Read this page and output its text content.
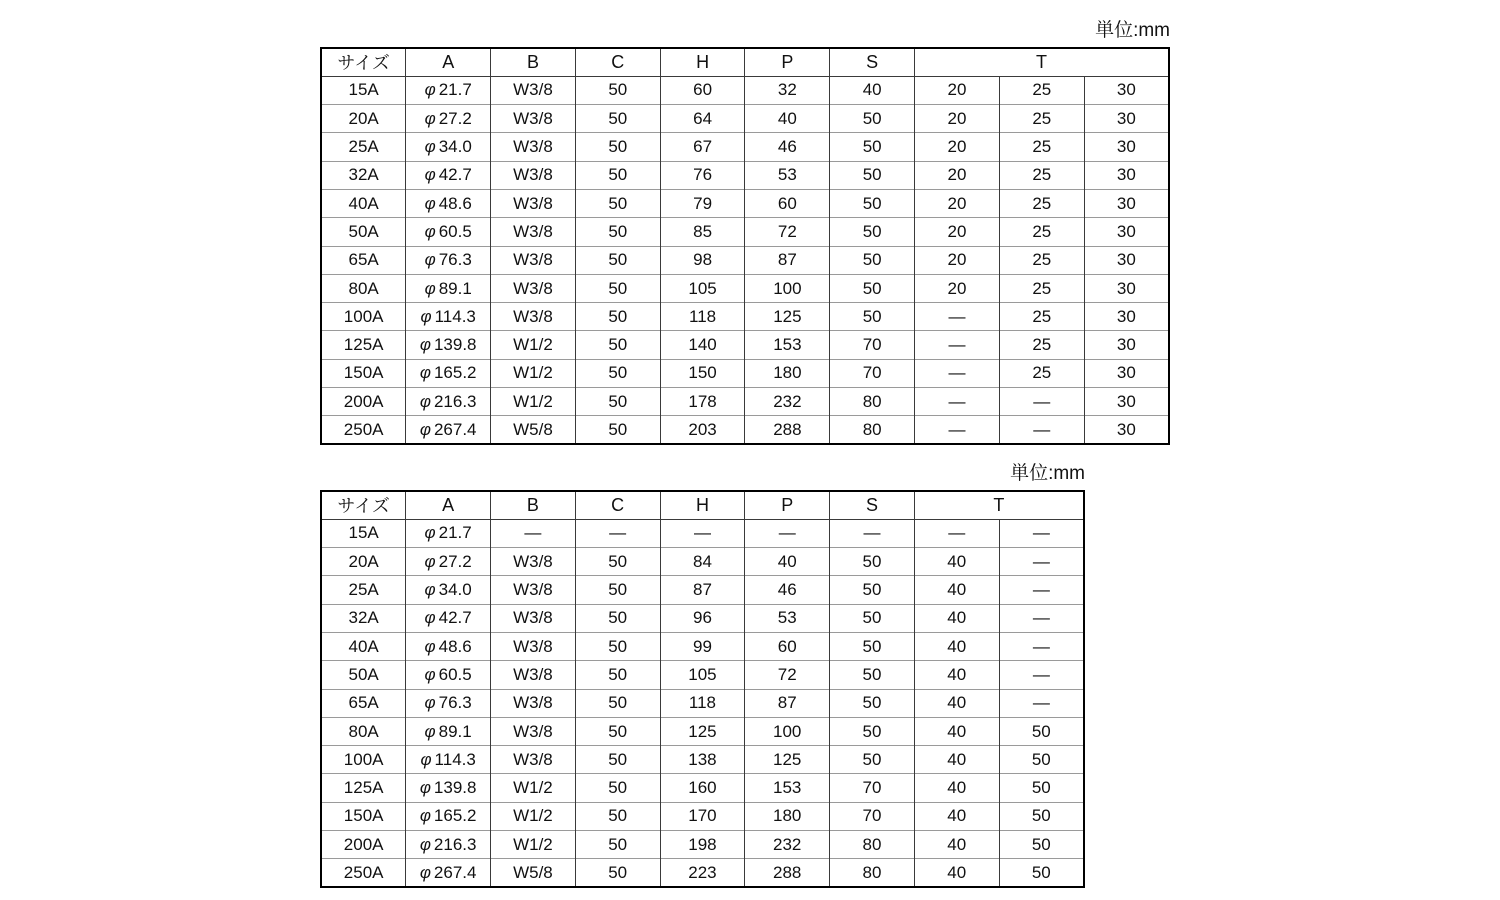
単位:mm
サイズ	A	B	C	H	P	S	T		
15A	φ 21.7	W3/8	50	60	32	40	20	25	30
20A	φ 27.2	W3/8	50	64	40	50	20	25	30
25A	φ 34.0	W3/8	50	67	46	50	20	25	30
32A	φ 42.7	W3/8	50	76	53	50	20	25	30
40A	φ 48.6	W3/8	50	79	60	50	20	25	30
50A	φ 60.5	W3/8	50	85	72	50	20	25	30
65A	φ 76.3	W3/8	50	98	87	50	20	25	30
80A	φ 89.1	W3/8	50	105	100	50	20	25	30
100A	φ 114.3	W3/8	50	118	125	50	—	25	30
125A	φ 139.8	W1/2	50	140	153	70	—	25	30
150A	φ 165.2	W1/2	50	150	180	70	—	25	30
200A	φ 216.3	W1/2	50	178	232	80	—	—	30
250A	φ 267.4	W5/8	50	203	288	80	—	—	30
単位:mm
サイズ	A	B	C	H	P	S	T	
15A	φ 21.7	—	—	—	—	—	—	—
20A	φ 27.2	W3/8	50	84	40	50	40	—
25A	φ 34.0	W3/8	50	87	46	50	40	—
32A	φ 42.7	W3/8	50	96	53	50	40	—
40A	φ 48.6	W3/8	50	99	60	50	40	—
50A	φ 60.5	W3/8	50	105	72	50	40	—
65A	φ 76.3	W3/8	50	118	87	50	40	—
80A	φ 89.1	W3/8	50	125	100	50	40	50
100A	φ 114.3	W3/8	50	138	125	50	40	50
125A	φ 139.8	W1/2	50	160	153	70	40	50
150A	φ 165.2	W1/2	50	170	180	70	40	50
200A	φ 216.3	W1/2	50	198	232	80	40	50
250A	φ 267.4	W5/8	50	223	288	80	40	50
